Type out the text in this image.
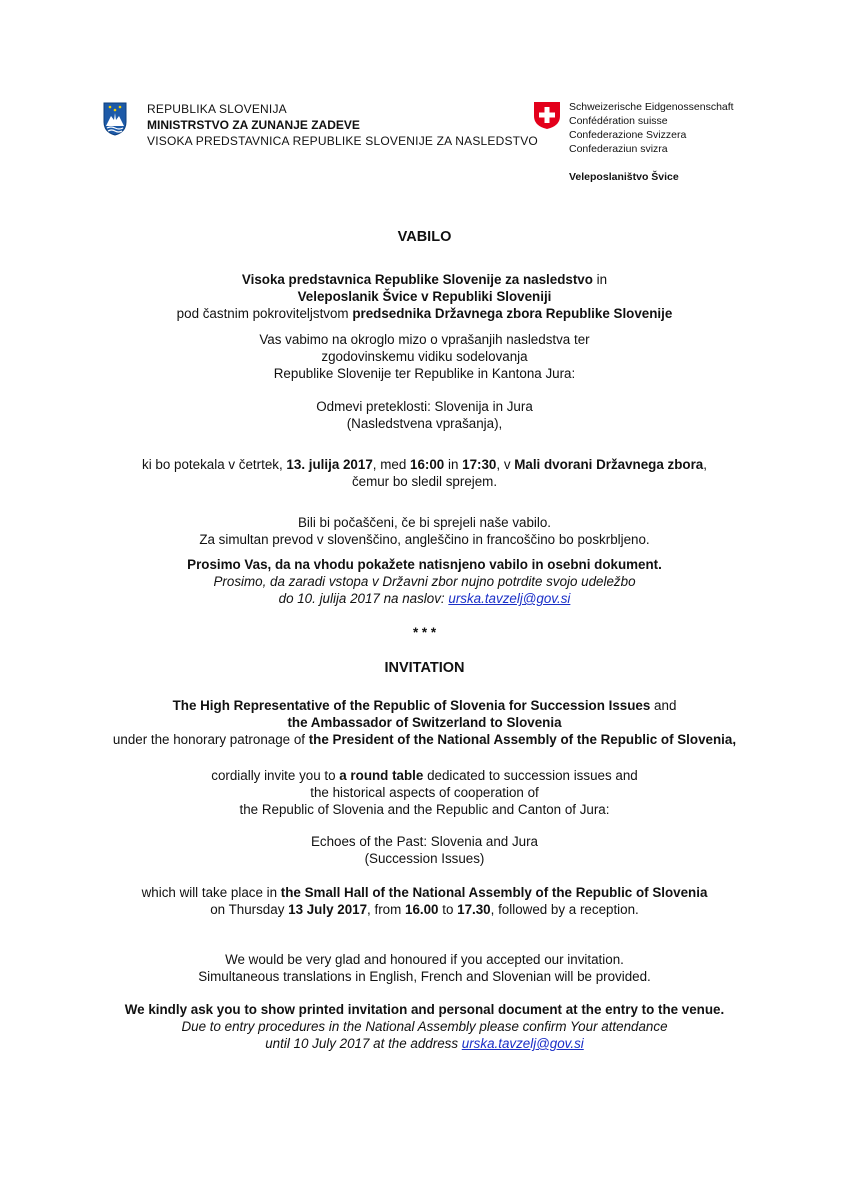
REPUBLIKA SLOVENIJA
MINISTRSTVO ZA ZUNANJE ZADEVE
VISOKA PREDSTAVNICA REPUBLIKE SLOVENIJE ZA NASLEDSTVO
Schweizerische Eidgenossenschaft
Confédération suisse
Confederazione Svizzera
Confederaziun svizra
Veleposlaništvo Švice
VABILO
Visoka predstavnica Republike Slovenije za nasledstvo in
Veleposlanik Švice v Republiki Sloveniji
pod častnim pokroviteljstvom predsednika Državnega zbora Republike Slovenije
Vas vabimo na okroglo mizo o vprašanjih nasledstva ter
zgodovinskemu vidiku sodelovanja
Republike Slovenije ter Republike in Kantona Jura:
Odmevi preteklosti: Slovenija in Jura
(Nasledstvena vprašanja),
ki bo potekala v četrtek, 13. julija 2017, med 16:00 in 17:30, v Mali dvorani Državnega zbora,
čemur bo sledil sprejem.
Bili bi počaščeni, če bi sprejeli naše vabilo.
Za simultan prevod v slovenščino, angleščino in francoščino bo poskrbljeno.
Prosimo Vas, da na vhodu pokažete natisnjeno vabilo in osebni dokument.
Prosimo, da zaradi vstopa v Državni zbor nujno potrdite svojo udeležbo
do 10. julija 2017 na naslov: urska.tavzelj@gov.si
* * *
INVITATION
The High Representative of the Republic of Slovenia for Succession Issues and
the Ambassador of Switzerland to Slovenia
under the honorary patronage of the President of the National Assembly of the Republic of Slovenia,
cordially invite you to a round table dedicated to succession issues and
the historical aspects of cooperation of
the Republic of Slovenia and the Republic and Canton of Jura:
Echoes of the Past: Slovenia and Jura
(Succession Issues)
which will take place in the Small Hall of the National Assembly of the Republic of Slovenia
on Thursday 13 July 2017, from 16.00 to 17.30, followed by a reception.
We would be very glad and honoured if you accepted our invitation.
Simultaneous translations in English, French and Slovenian will be provided.
We kindly ask you to show printed invitation and personal document at the entry to the venue.
Due to entry procedures in the National Assembly please confirm Your attendance
until 10 July 2017 at the address urska.tavzelj@gov.si
